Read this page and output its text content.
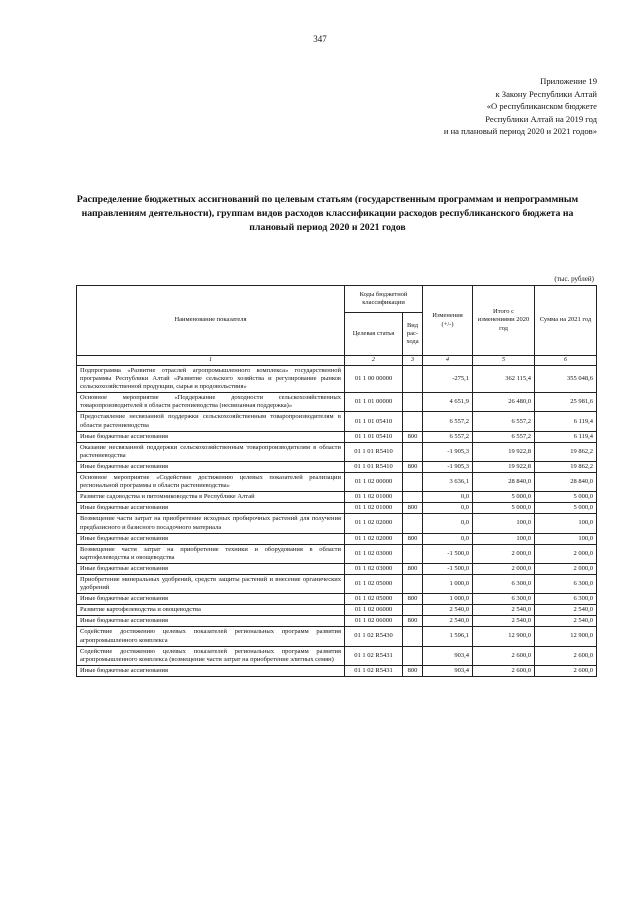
347
Приложение 19
к Закону Республики Алтай
«О республиканском бюджете
Республики Алтай на 2019 год
и на плановый период 2020 и 2021 годов»
Распределение бюджетных ассигнований по целевым статьям (государственным программам и непрограммным направлениям деятельности), группам видов расходов классификации расходов республиканского бюджета на плановый период 2020 и 2021 годов
(тыс. рублей)
Наименование показателя	Коды бюджетной классификации		Изменения (+/-)	Итого с изменениями 2020 год	Сумма на 2021 год
	Целевая статья	Вид рас-хода			
1	2	3	4	5	6
Подпрограмма «Развитие отраслей агропромышленного комплекса» государственной программы Республики Алтай «Развитие сельского хозяйства и регулирование рынков сельскохозяйственной продукции, сырья и продовольствия»	01 1 00 00000		-275,1	362 115,4	355 048,6
Основное мероприятие «Поддержание доходности сельскохозяйственных товаропроизводителей в области растениеводства (несвязанная поддержка)»	01 1 01 00000		4 651,9	26 480,0	25 981,6
Предоставление несвязанной поддержки сельскохозяйственным товаропроизводителям в области растениеводства	01 1 01 05410		6 557,2	6 557,2	6 119,4
Иные бюджетные ассигнования	01 1 01 05410	800	6 557,2	6 557,2	6 119,4
Оказание несвязанной поддержки сельскохозяйственным товаропроизводителям в области растениеводства	01 1 01 R5410		-1 905,3	19 922,8	19 862,2
Иные бюджетные ассигнования	01 1 01 R5410	800	-1 905,3	19 922,8	19 862,2
Основное мероприятие «Содействие достижению целевых показателей реализации региональной программы в области растениеводства»	01 1 02 00000		3 636,1	28 840,0	28 840,0
Развитие садоводства и питомниководства в Республике Алтай	01 1 02 01000		0,0	5 000,0	5 000,0
Иные бюджетные ассигнования	01 1 02 01000	800	0,0	5 000,0	5 000,0
Возмещение части затрат на приобретение исходных пробирочных растений для получения предбазисного и базисного посадочного материала	01 1 02 02000		0,0	100,0	100,0
Иные бюджетные ассигнования	01 1 02 02000	800	0,0	100,0	100,0
Возмещение части затрат на приобретение техники и оборудования в области картофелеводства и овощеводства	01 1 02 03000		-1 500,0	2 000,0	2 000,0
Иные бюджетные ассигнования	01 1 02 03000	800	-1 500,0	2 000,0	2 000,0
Приобретение минеральных удобрений, средств защиты растений и внесение органических удобрений	01 1 02 05000		1 000,0	6 300,0	6 300,0
Иные бюджетные ассигнования	01 1 02 05000	800	1 000,0	6 300,0	6 300,0
Развитие картофелеводства и овощеводства	01 1 02 06000		2 540,0	2 540,0	2 540,0
Иные бюджетные ассигнования	01 1 02 06000	800	2 540,0	2 540,0	2 540,0
Содействие достижению целевых показателей региональных программ развития агропромышленного комплекса	01 1 02 R5430		1 596,1	12 900,0	12 900,0
Содействие достижению целевых показателей региональных программ развития агропромышленного комплекса (возмещение части затрат на приобретение элитных семян)	01 1 02 R5431		903,4	2 600,0	2 600,0
Иные бюджетные ассигнования	01 1 02 R5431	800	903,4	2 600,0	2 600,0
